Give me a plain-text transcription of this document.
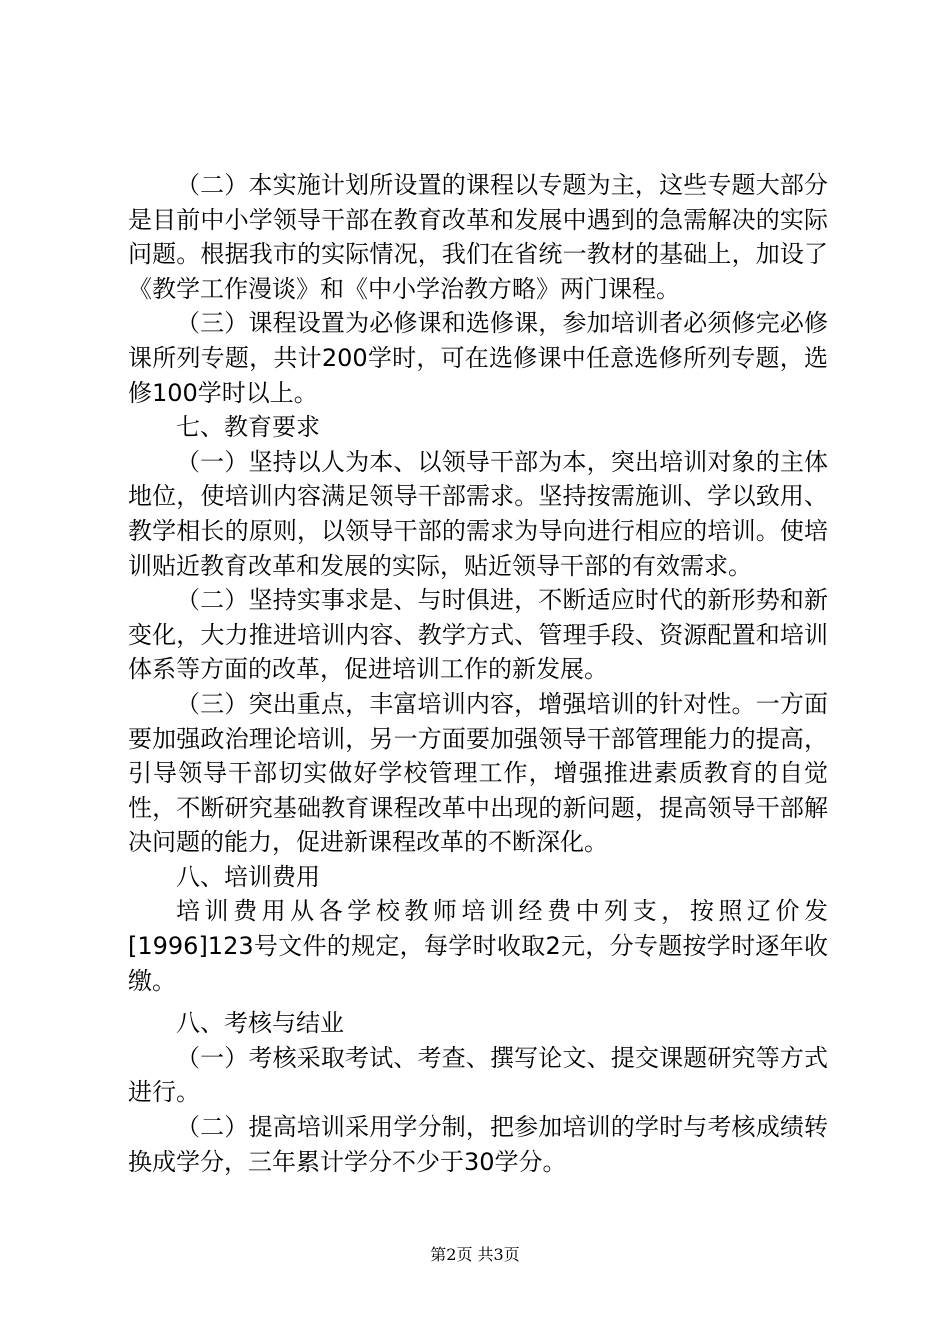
（二）本实施计划所设置的课程以专题为主，这些专题大部分是目前中小学领导干部在教育改革和发展中遇到的急需解决的实际问题。根据我市的实际情况，我们在省统一教材的基础上，加设了《教学工作漫谈》和《中小学治教方略》两门课程。

（三）课程设置为必修课和选修课，参加培训者必须修完必修课所列专题，共计200学时，可在选修课中任意选修所列专题，选修100学时以上。

七、教育要求

（一）坚持以人为本、以领导干部为本，突出培训对象的主体地位，使培训内容满足领导干部需求。坚持按需施训、学以致用、教学相长的原则，以领导干部的需求为导向进行相应的培训。使培训贴近教育改革和发展的实际，贴近领导干部的有效需求。

（二）坚持实事求是、与时俱进，不断适应时代的新形势和新变化，大力推进培训内容、教学方式、管理手段、资源配置和培训体系等方面的改革，促进培训工作的新发展。

（三）突出重点，丰富培训内容，增强培训的针对性。一方面要加强政治理论培训，另一方面要加强领导干部管理能力的提高，引导领导干部切实做好学校管理工作，增强推进素质教育的自觉性，不断研究基础教育课程改革中出现的新问题，提高领导干部解决问题的能力，促进新课程改革的不断深化。

八、培训费用

培训费用从各学校教师培训经费中列支，按照辽价发[1996]123号文件的规定，每学时收取2元，分专题按学时逐年收缴。

八、考核与结业

（一）考核采取考试、考查、撰写论文、提交课题研究等方式进行。

（二）提高培训采用学分制，把参加培训的学时与考核成绩转换成学分，三年累计学分不少于30学分。

第2页 共3页
